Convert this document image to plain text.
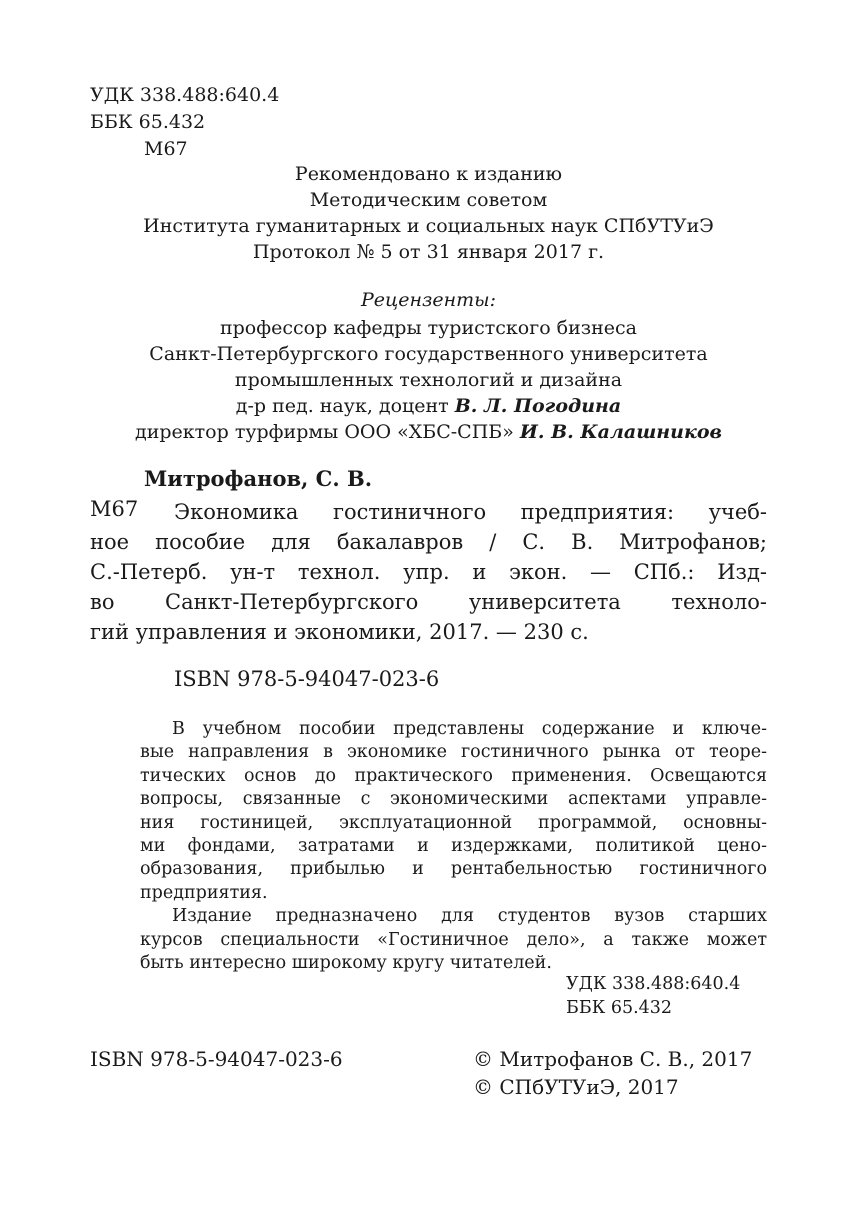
УДК 338.488:640.4
ББК 65.432
М67
Рекомендовано к изданию
Методическим советом
Института гуманитарных и социальных наук СПбУТУиЭ
Протокол № 5 от 31 января 2017 г.
Рецензенты:
профессор кафедры туристского бизнеса
Санкт-Петербургского государственного университета
промышленных технологий и дизайна
д-р пед. наук, доцент В. Л. Погодина
директор турфирмы ООО «ХБС-СПБ» И. В. Калашников
Митрофанов, С. В.
М67	Экономика гостиничного предприятия: учеб-
ное пособие для бакалавров / С. В. Митрофанов;
С.-Петерб. ун-т технол. упр. и экон. — СПб.: Изд-
во Санкт-Петербургского университета техноло-
гий управления и экономики, 2017. — 230 с.
ISBN 978-5-94047-023-6
В учебном пособии представлены содержание и ключе-
вые направления в экономике гостиничного рынка от теоре-
тических основ до практического применения. Освещаются
вопросы, связанные с экономическими аспектами управле-
ния гостиницей, эксплуатационной программой, основны-
ми фондами, затратами и издержками, политикой ценo-
образования, прибылью и рентабельностью гостиничного
предприятия.
Издание предназначено для студентов вузов старших
курсов специальности «Гостиничное дело», а также может
быть интересно широкому кругу читателей.
УДК 338.488:640.4
ББК 65.432
ISBN 978-5-94047-023-6	© Митрофанов С. В., 2017
© СПбУТУиЭ, 2017
